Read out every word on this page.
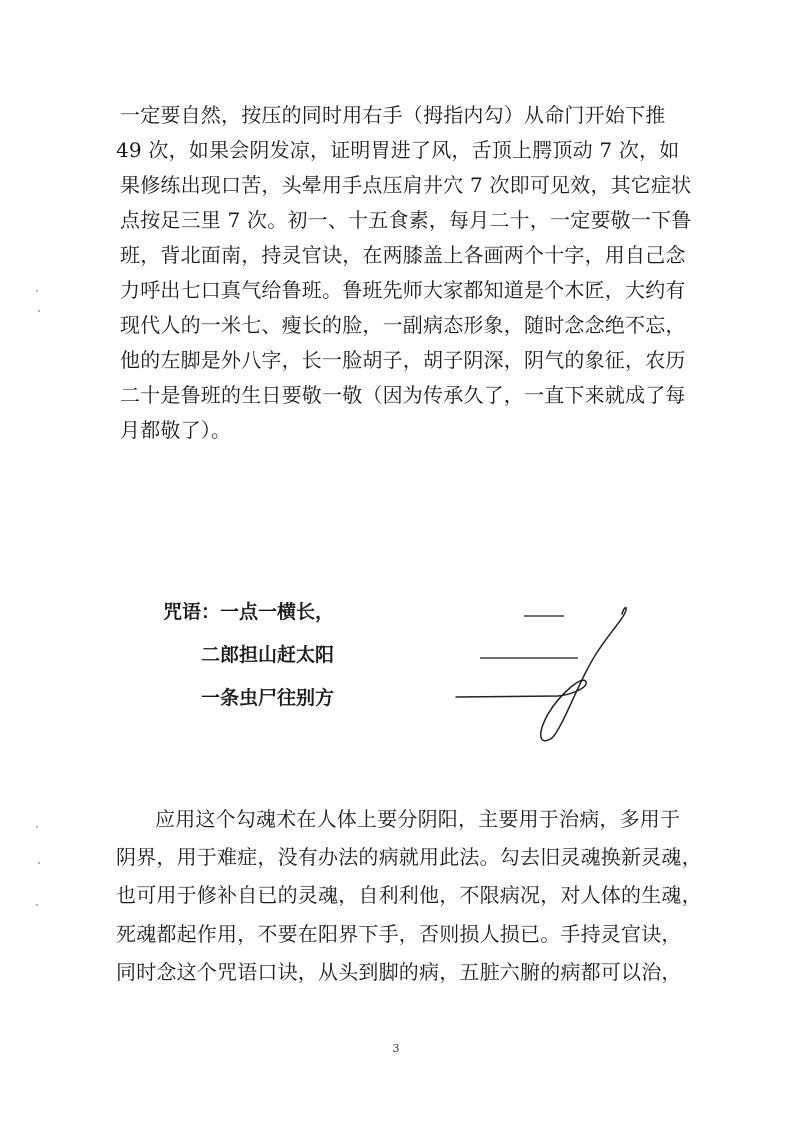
一定要自然，按压的同时用右手（拇指内勾）从命门开始下推
49 次，如果会阴发凉，证明胃进了风，舌顶上腭顶动 7 次，如
果修练出现口苦，头晕用手点压肩井穴 7 次即可见效，其它症状
点按足三里 7 次。初一、十五食素，每月二十，一定要敬一下鲁
班，背北面南，持灵官诀，在两膝盖上各画两个十字，用自己念
力呼出七口真气给鲁班。鲁班先师大家都知道是个木匠，大约有
现代人的一米七、瘦长的脸，一副病态形象，随时念念绝不忘，
他的左脚是外八字，长一脸胡子，胡子阴深，阴气的象征，农历
二十是鲁班的生日要敬一敬（因为传承久了，一直下来就成了每
月都敬了）。
咒语：一点一横长，
二郎担山赶太阳
一条虫尸往别方
应用这个勾魂术在人体上要分阴阳，主要用于治病，多用于
阴界，用于难症，没有办法的病就用此法。勾去旧灵魂换新灵魂，
也可用于修补自已的灵魂，自利利他，不限病况，对人体的生魂，
死魂都起作用，不要在阳界下手，否则损人损已。手持灵官诀，
同时念这个咒语口诀，从头到脚的病，五脏六腑的病都可以治，
3
